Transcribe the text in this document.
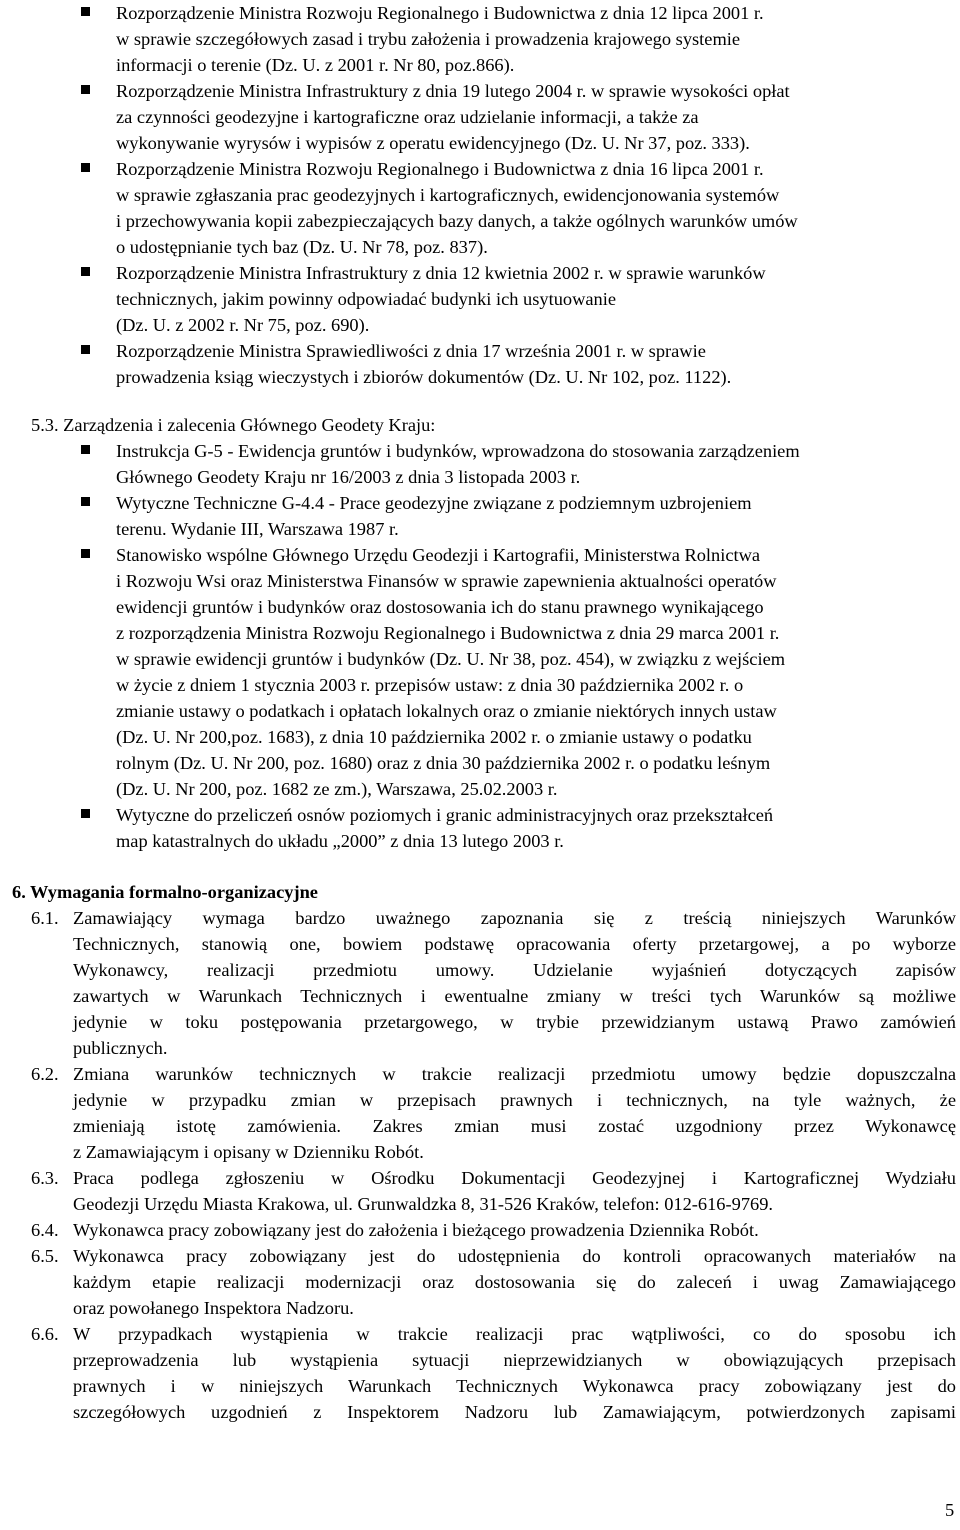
Rozporządzenie Ministra Rozwoju Regionalnego i Budownictwa z dnia 12 lipca 2001 r.
w sprawie szczegółowych zasad i trybu założenia i prowadzenia krajowego systemie
informacji o terenie (Dz. U. z 2001 r. Nr 80, poz.866).
Rozporządzenie Ministra Infrastruktury z dnia 19 lutego 2004 r. w sprawie wysokości opłat
za czynności geodezyjne i kartograficzne oraz udzielanie informacji, a także za
wykonywanie wyrysów i wypisów z operatu ewidencyjnego (Dz. U. Nr 37, poz. 333).
Rozporządzenie Ministra Rozwoju Regionalnego i Budownictwa z dnia 16 lipca 2001 r.
w sprawie zgłaszania prac geodezyjnych i kartograficznych, ewidencjonowania systemów
i przechowywania kopii zabezpieczających bazy danych, a także ogólnych warunków umów
o udostępnianie tych baz (Dz. U. Nr 78, poz. 837).
Rozporządzenie Ministra Infrastruktury z dnia 12 kwietnia 2002 r. w sprawie warunków
technicznych, jakim powinny odpowiadać budynki ich usytuowanie
(Dz. U. z 2002 r. Nr 75, poz. 690).
Rozporządzenie Ministra Sprawiedliwości z dnia 17 września 2001 r. w sprawie
prowadzenia ksiąg wieczystych i zbiorów dokumentów (Dz. U. Nr 102, poz. 1122).
5.3. Zarządzenia i zalecenia Głównego Geodety Kraju:
Instrukcja G-5 - Ewidencja gruntów i budynków, wprowadzona do stosowania zarządzeniem
Głównego Geodety Kraju nr 16/2003 z dnia 3 listopada 2003 r.
Wytyczne Techniczne G-4.4 - Prace geodezyjne związane z podziemnym uzbrojeniem
terenu. Wydanie III, Warszawa 1987 r.
Stanowisko wspólne Głównego Urzędu Geodezji i Kartografii, Ministerstwa Rolnictwa
i Rozwoju Wsi oraz Ministerstwa Finansów w sprawie zapewnienia aktualności operatów
ewidencji gruntów i budynków oraz dostosowania ich do stanu prawnego wynikającego
z rozporządzenia Ministra Rozwoju Regionalnego i Budownictwa z dnia 29 marca 2001 r.
w sprawie ewidencji gruntów i budynków (Dz. U. Nr 38, poz. 454), w związku z wejściem
w życie z dniem 1 stycznia 2003 r. przepisów ustaw: z dnia 30 października 2002 r. o
zmianie ustawy o podatkach i opłatach lokalnych oraz o zmianie niektórych innych ustaw
(Dz. U. Nr 200,poz. 1683), z dnia 10 października 2002 r. o zmianie ustawy o podatku
rolnym (Dz. U. Nr 200, poz. 1680) oraz z dnia 30 października 2002 r. o podatku leśnym
(Dz. U. Nr 200, poz. 1682 ze zm.), Warszawa, 25.02.2003 r.
Wytyczne do przeliczeń osnów poziomych i granic administracyjnych oraz przekształceń
map katastralnych do układu „2000” z dnia 13 lutego 2003 r.
6. Wymagania formalno-organizacyjne
6.1. Zamawiający wymaga bardzo uważnego zapoznania się z treścią niniejszych Warunków
Technicznych, stanowią one, bowiem podstawę opracowania oferty przetargowej, a po wyborze
Wykonawcy, realizacji przedmiotu umowy. Udzielanie wyjaśnień dotyczących zapisów
zawartych w Warunkach Technicznych i ewentualne zmiany w treści tych Warunków są możliwe
jedynie w toku postępowania przetargowego, w trybie przewidzianym ustawą Prawo zamówień
publicznych.
6.2. Zmiana warunków technicznych w trakcie realizacji przedmiotu umowy będzie dopuszczalna
jedynie w przypadku zmian w przepisach prawnych i technicznych, na tyle ważnych, że
zmieniają istotę zamówienia. Zakres zmian musi zostać uzgodniony przez Wykonawcę
z Zamawiającym i opisany w Dzienniku Robót.
6.3. Praca podlega zgłoszeniu w Ośrodku Dokumentacji Geodezyjnej i Kartograficznej Wydziału
Geodezji Urzędu Miasta Krakowa, ul. Grunwaldzka 8, 31-526 Kraków, telefon: 012-616-9769.
6.4. Wykonawca pracy zobowiązany jest do założenia i bieżącego prowadzenia Dziennika Robót.
6.5. Wykonawca pracy zobowiązany jest do udostępnienia do kontroli opracowanych materiałów na
każdym etapie realizacji modernizacji oraz dostosowania się do zaleceń i uwag Zamawiającego
oraz powołanego Inspektora Nadzoru.
6.6. W przypadkach wystąpienia w trakcie realizacji prac wątpliwości, co do sposobu ich
przeprowadzenia lub wystąpienia sytuacji nieprzewidzianych w obowiązujących przepisach
prawnych i w niniejszych Warunkach Technicznych Wykonawca pracy zobowiązany jest do
szczegółowych uzgodnień z Inspektorem Nadzoru lub Zamawiającym, potwierdzonych zapisami
5
